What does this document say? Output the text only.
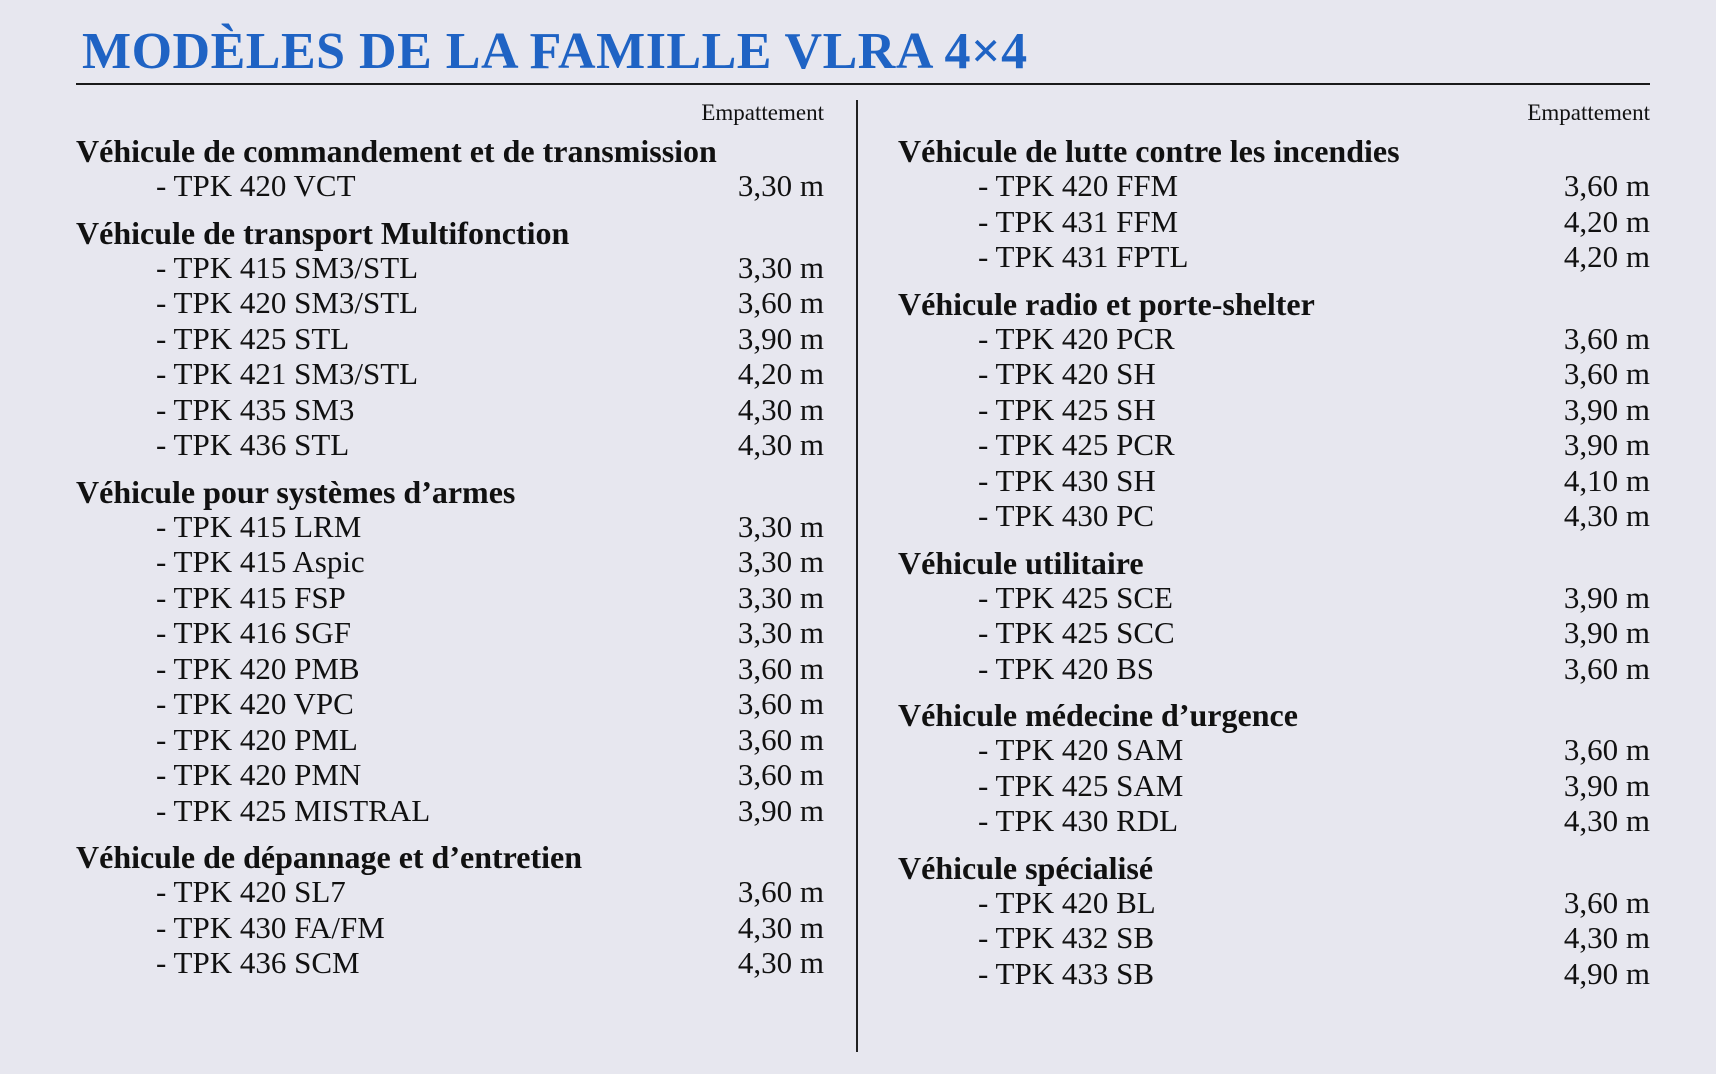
MODÈLES DE LA FAMILLE VLRA 4×4
Empattement
Véhicule de commandement et de transmission
- TPK 420 VCT	3,30 m
Véhicule de transport Multifonction
- TPK 415 SM3/STL	3,30 m
- TPK 420 SM3/STL	3,60 m
- TPK 425 STL	3,90 m
- TPK 421 SM3/STL	4,20 m
- TPK 435 SM3	4,30 m
- TPK 436 STL	4,30 m
Véhicule pour systèmes d’armes
- TPK 415 LRM	3,30 m
- TPK 415 Aspic	3,30 m
- TPK 415 FSP	3,30 m
- TPK 416 SGF	3,30 m
- TPK 420 PMB	3,60 m
- TPK 420 VPC	3,60 m
- TPK 420 PML	3,60 m
- TPK 420 PMN	3,60 m
- TPK 425 MISTRAL	3,90 m
Véhicule de dépannage et d’entretien
- TPK 420 SL7	3,60 m
- TPK 430 FA/FM	4,30 m
- TPK 436 SCM	4,30 m
Empattement
Véhicule de lutte contre les incendies
- TPK 420 FFM	3,60 m
- TPK 431 FFM	4,20 m
- TPK 431 FPTL	4,20 m
Véhicule radio et porte-shelter
- TPK 420 PCR	3,60 m
- TPK 420 SH	3,60 m
- TPK 425 SH	3,90 m
- TPK 425 PCR	3,90 m
- TPK 430 SH	4,10 m
- TPK 430 PC	4,30 m
Véhicule utilitaire
- TPK 425 SCE	3,90 m
- TPK 425 SCC	3,90 m
- TPK 420 BS	3,60 m
Véhicule médecine d’urgence
- TPK 420 SAM	3,60 m
- TPK 425 SAM	3,90 m
- TPK 430 RDL	4,30 m
Véhicule spécialisé
- TPK 420 BL	3,60 m
- TPK 432 SB	4,30 m
- TPK 433 SB	4,90 m
